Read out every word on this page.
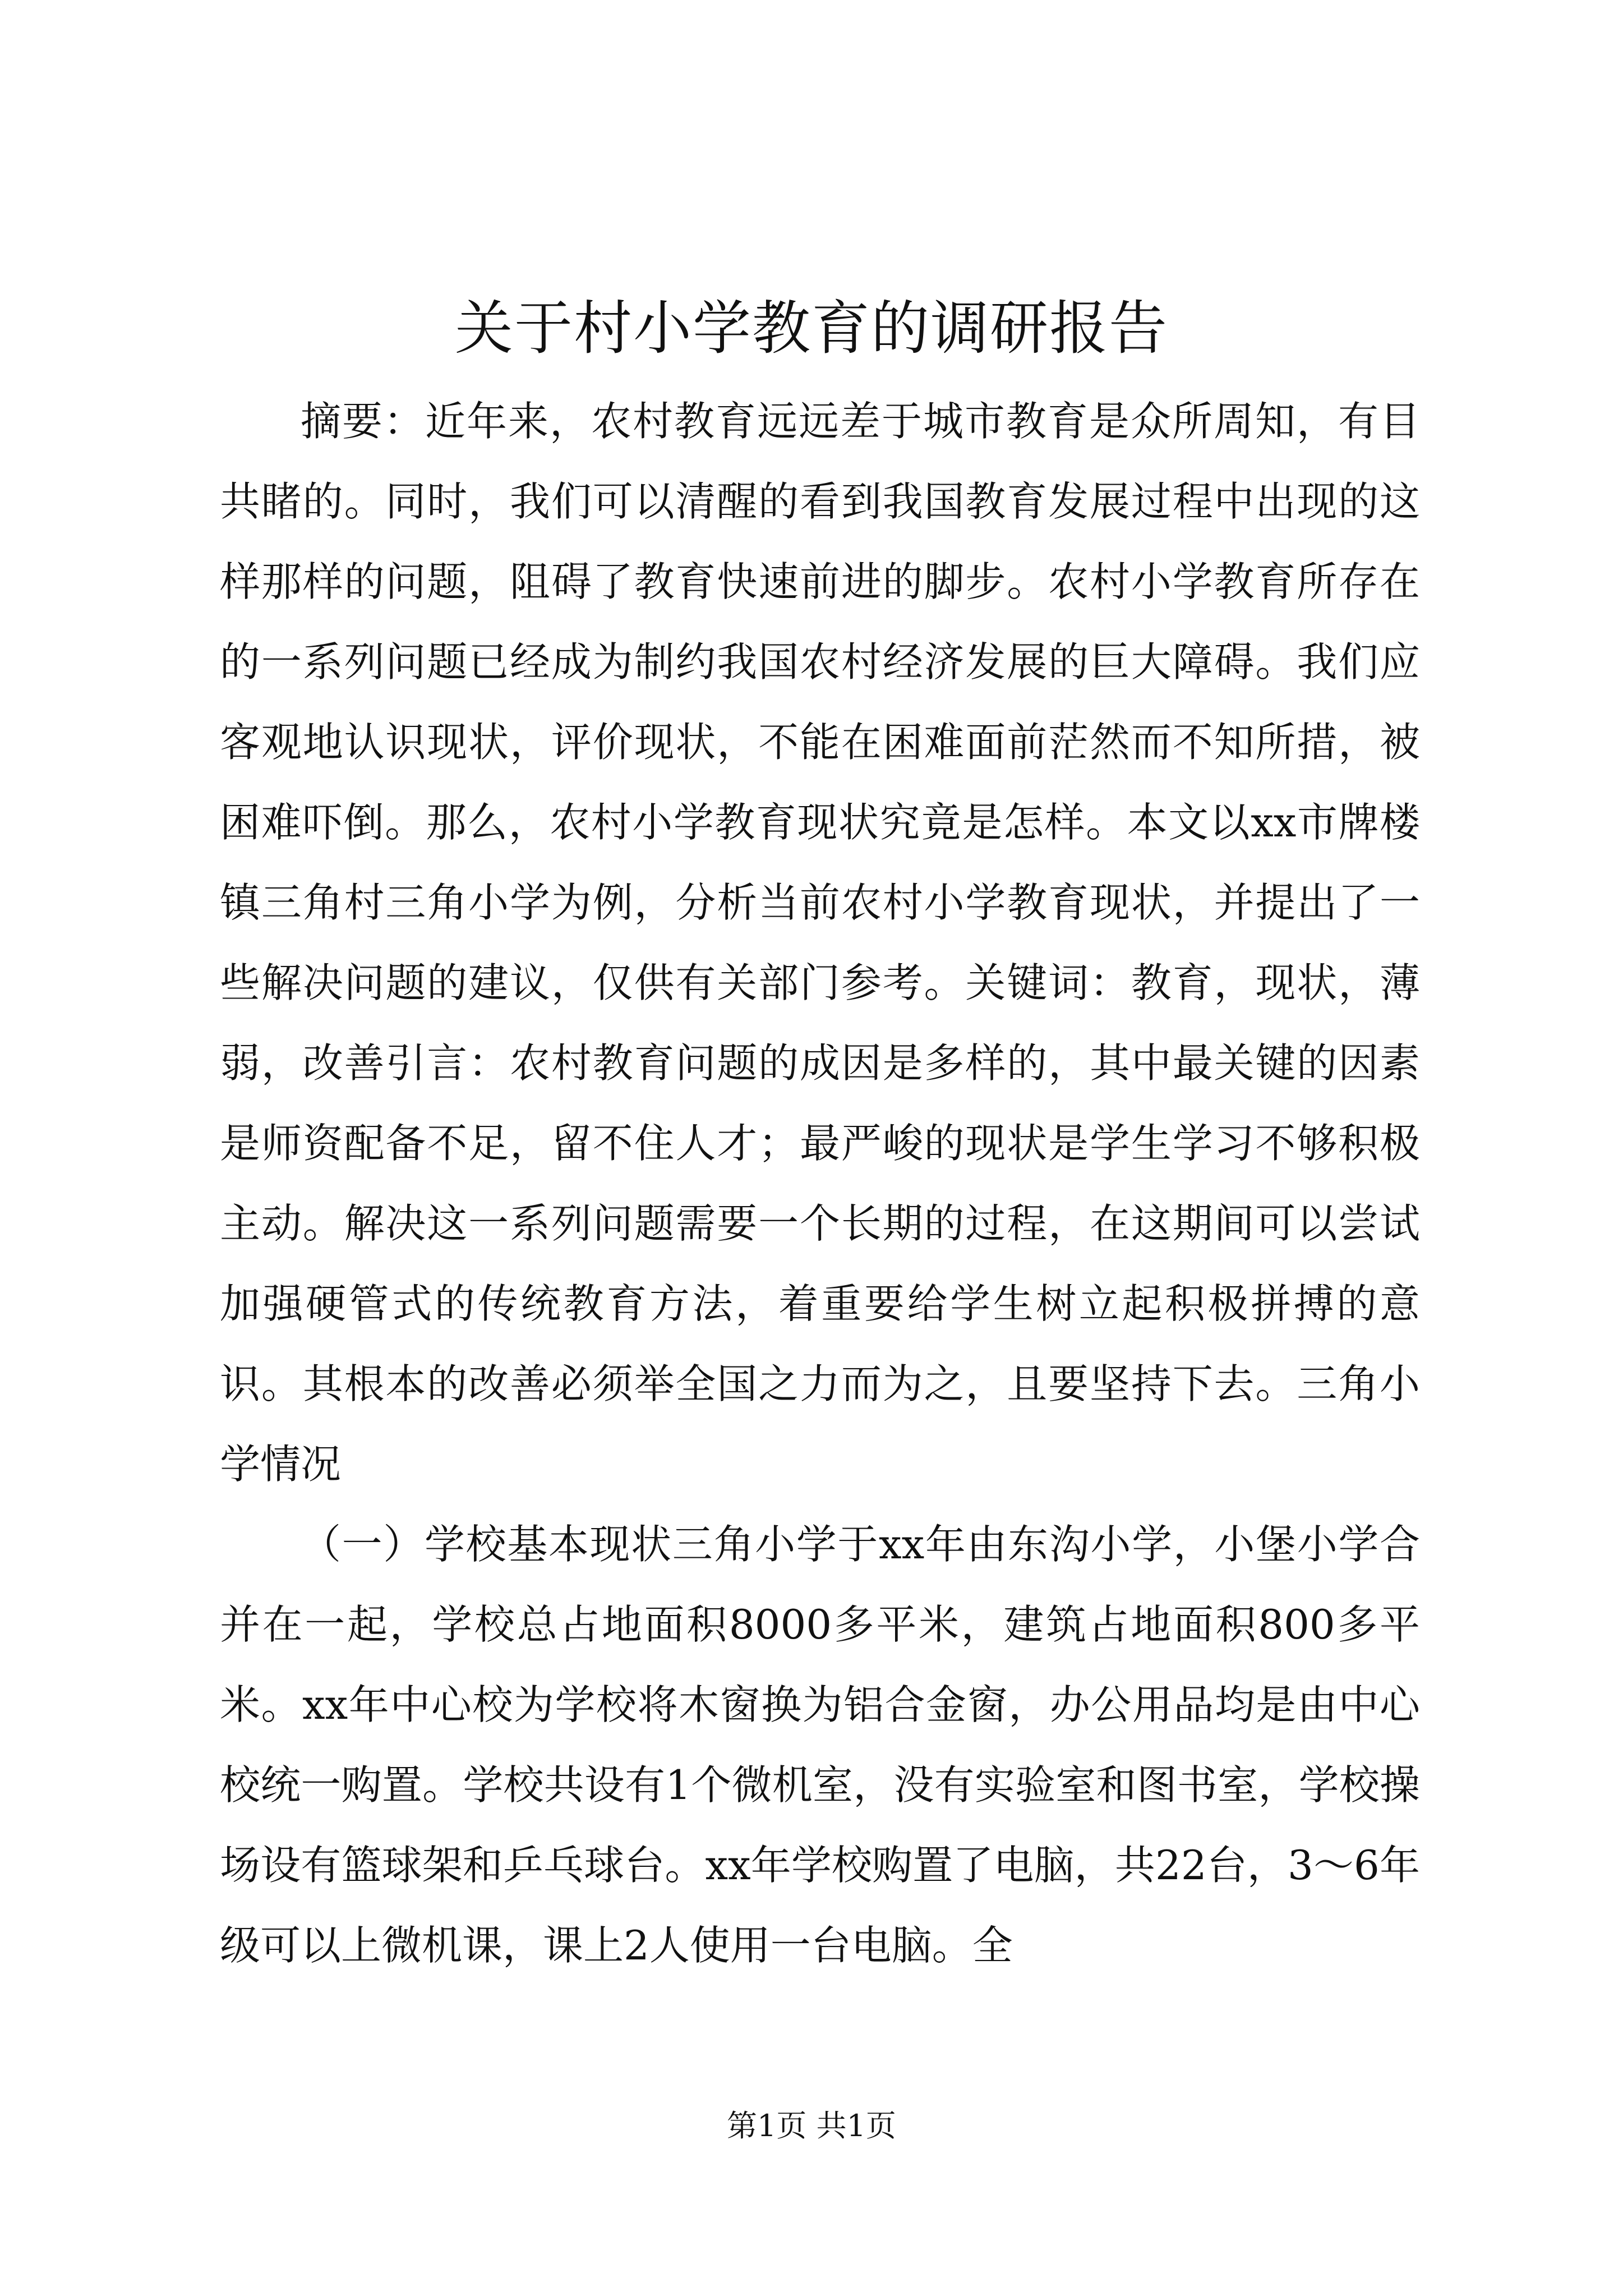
关于村小学教育的调研报告

摘要：近年来，农村教育远远差于城市教育是众所周知，有目共睹的。同时，我们可以清醒的看到我国教育发展过程中出现的这样那样的问题，阻碍了教育快速前进的脚步。农村小学教育所存在的一系列问题已经成为制约我国农村经济发展的巨大障碍。我们应客观地认识现状，评价现状，不能在困难面前茫然而不知所措，被困难吓倒。那么，农村小学教育现状究竟是怎样。本文以xx市牌楼镇三角村三角小学为例，分析当前农村小学教育现状，并提出了一些解决问题的建议，仅供有关部门参考。关键词：教育，现状，薄弱，改善引言：农村教育问题的成因是多样的，其中最关键的因素是师资配备不足，留不住人才；最严峻的现状是学生学习不够积极主动。解决这一系列问题需要一个长期的过程，在这期间可以尝试加强硬管式的传统教育方法，着重要给学生树立起积极拼搏的意识。其根本的改善必须举全国之力而为之，且要坚持下去。三角小学情况

（一）学校基本现状三角小学于xx年由东沟小学，小堡小学合并在一起，学校总占地面积8000多平米，建筑占地面积800多平米。xx年中心校为学校将木窗换为铝合金窗，办公用品均是由中心校统一购置。学校共设有1个微机室，没有实验室和图书室，学校操场设有篮球架和乒乓球台。xx年学校购置了电脑，共22台，3～6年级可以上微机课，课上2人使用一台电脑。全

第1页 共1页
